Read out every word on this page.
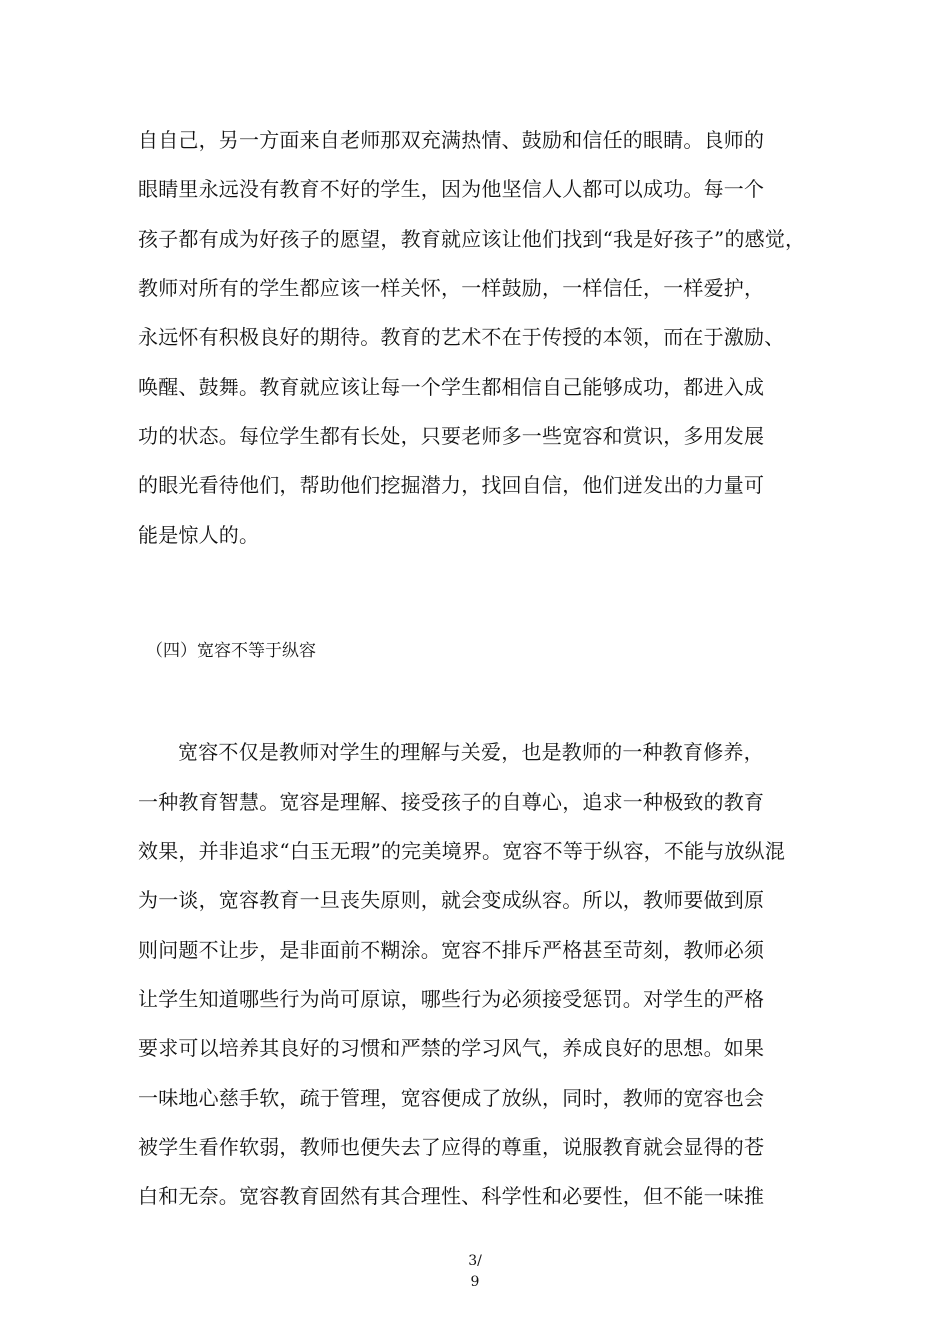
自自己，另一方面来自老师那双充满热情、鼓励和信任的眼睛。良师的
眼睛里永远没有教育不好的学生，因为他坚信人人都可以成功。每一个
孩子都有成为好孩子的愿望，教育就应该让他们找到“我是好孩子”的感觉，
教师对所有的学生都应该一样关怀，一样鼓励，一样信任，一样爱护，
永远怀有积极良好的期待。教育的艺术不在于传授的本领，而在于激励、
唤醒、鼓舞。教育就应该让每一个学生都相信自己能够成功，都进入成
功的状态。每位学生都有长处，只要老师多一些宽容和赏识，多用发展
的眼光看待他们，帮助他们挖掘潜力，找回自信，他们迸发出的力量可
能是惊人的。
（四）宽容不等于纵容
宽容不仅是教师对学生的理解与关爱，也是教师的一种教育修养，
一种教育智慧。宽容是理解、接受孩子的自尊心，追求一种极致的教育
效果，并非追求“白玉无瑕”的完美境界。宽容不等于纵容，不能与放纵混
为一谈，宽容教育一旦丧失原则，就会变成纵容。所以，教师要做到原
则问题不让步，是非面前不糊涂。宽容不排斥严格甚至苛刻，教师必须
让学生知道哪些行为尚可原谅，哪些行为必须接受惩罚。对学生的严格
要求可以培养其良好的习惯和严禁的学习风气，养成良好的思想。如果
一味地心慈手软，疏于管理，宽容便成了放纵，同时，教师的宽容也会
被学生看作软弱，教师也便失去了应得的尊重，说服教育就会显得的苍
白和无奈。宽容教育固然有其合理性、科学性和必要性，但不能一味推
3/
9
